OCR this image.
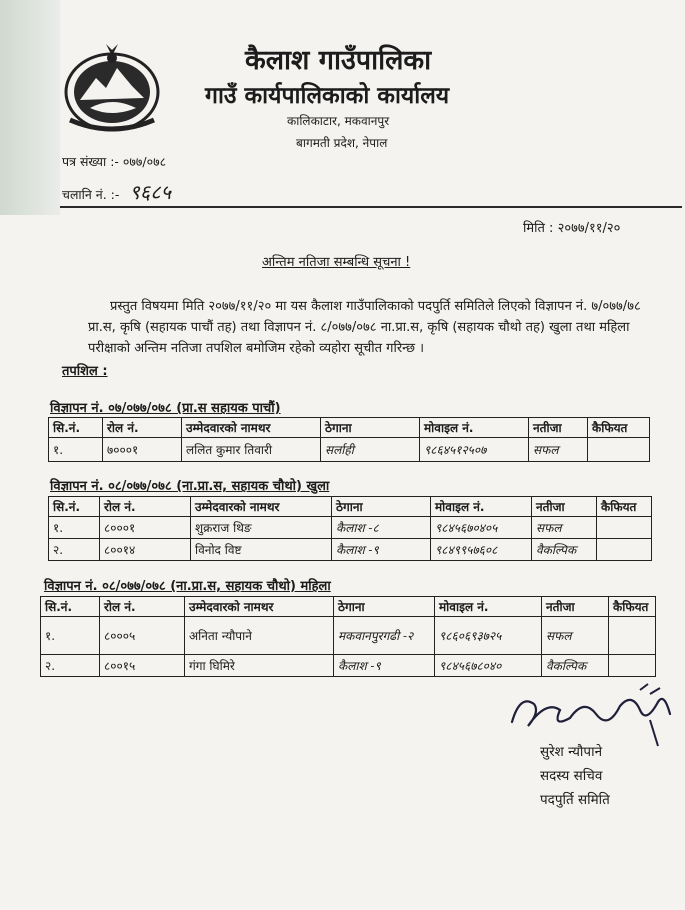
कैलाश गाउँपालिका
गाउँ कार्यपालिकाको कार्यालय
कालिकाटार, मकवानपुर
बागमती प्रदेश, नेपाल
पत्र संख्या :- ०७७/०७८
चलानि नं. :- ९६८५
मिति : २०७७/११/२०
अन्तिम नतिजा सम्बन्धि सूचना !

प्रस्तुत विषयमा मिति २०७७/११/२० मा यस कैलाश गाउँपालिकाको पदपुर्ति समितिले लिएको विज्ञापन नं. ७/०७७/७८ प्रा.स, कृषि (सहायक पाचौं तह) तथा विज्ञापन नं. ८/०७७/०७८ ना.प्रा.स, कृषि (सहायक चौथो तह) खुला तथा महिला परीक्षाको अन्तिम नतिजा तपशिल बमोजिम रहेको व्यहोरा सूचीत गरिन्छ ।

तपशिल :
विज्ञापन नं. ०७/०७७/०७८ (प्रा.स सहायक पाचौं)
सि.नं.	रोल नं.	उम्मेदवारको नामथर	ठेगाना	मोवाइल नं.	नतीजा	कैफियत
१.	७०००१	ललित कुमार तिवारी	सर्लाही	९८६४५१२५०७	सफल	
विज्ञापन नं. ०८/०७७/०७८ (ना.प्रा.स, सहायक चौथो) खुला
सि.नं.	रोल नं.	उम्मेदवारको नामथर	ठेगाना	मोवाइल नं.	नतीजा	कैफियत
१.	८०००१	शुक्रराज थिङ	कैलाश -८	९८४५६७०४०५	सफल	
२.	८००१४	विनोद विष्ट	कैलाश -९	९८४९९५७६०८	वैकल्पिक	
विज्ञापन नं. ०८/०७७/०७८ (ना.प्रा.स, सहायक चौथो) महिला
सि.नं.	रोल नं.	उम्मेदवारको नामथर	ठेगाना	मोवाइल नं.	नतीजा	कैफियत
१.	८०००५	अनिता न्यौपाने	मकवानपुरगढी -२	९८६०६९३७२५	सफल	
२.	८००१५	गंगा घिमिरे	कैलाश -९	९८४५६७८०४०	वैकल्पिक	
सुरेश न्यौपाने
सदस्य सचिव
पदपुर्ति समिति
